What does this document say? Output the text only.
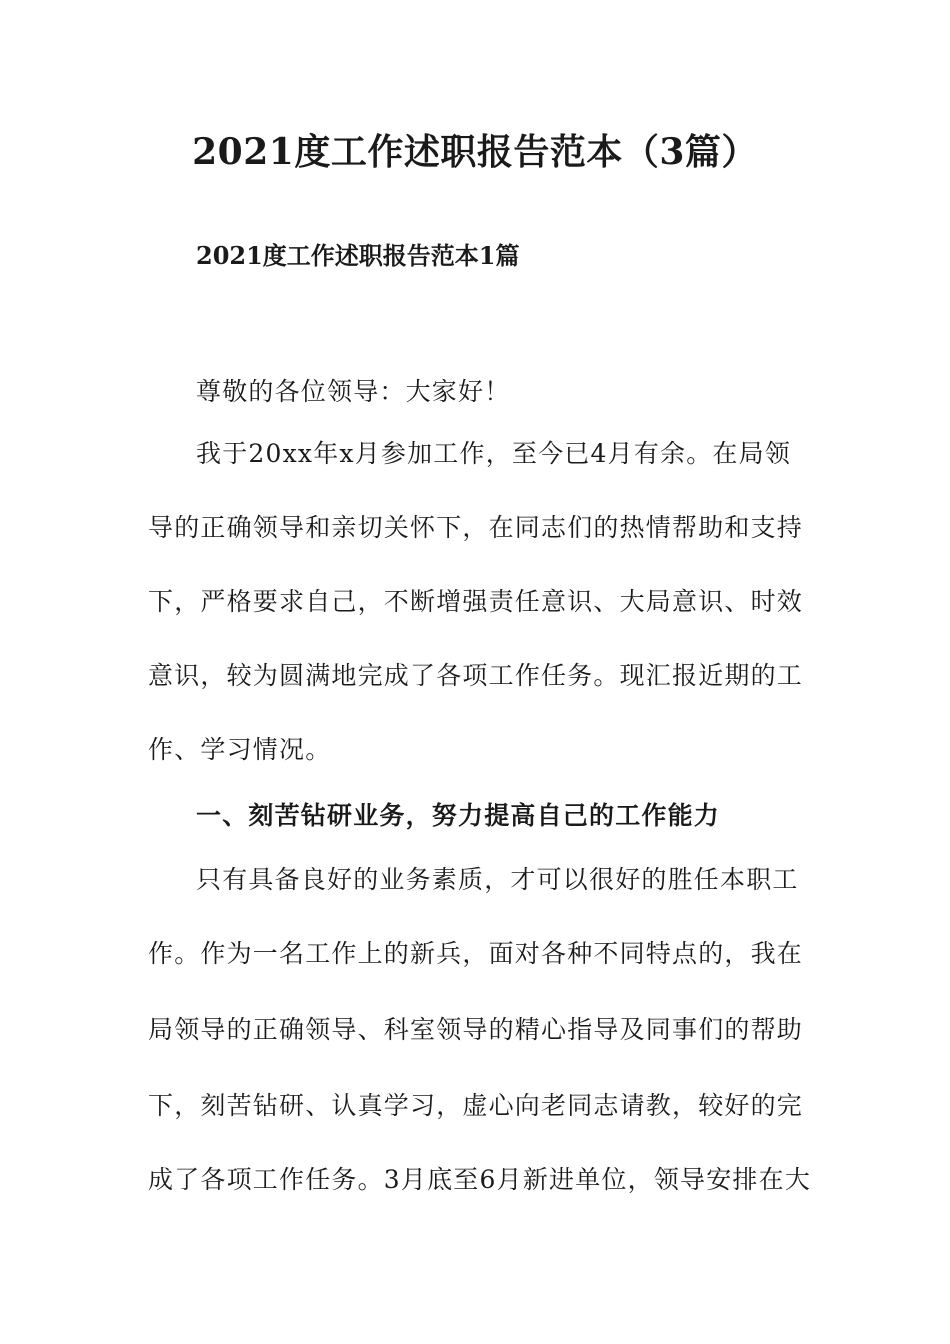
2021度工作述职报告范本（3篇）
2021度工作述职报告范本1篇
尊敬的各位领导：大家好！
我于20xx年x月参加工作，至今已4月有余。在局领
导的正确领导和亲切关怀下，在同志们的热情帮助和支持
下，严格要求自己，不断增强责任意识、大局意识、时效
意识，较为圆满地完成了各项工作任务。现汇报近期的工
作、学习情况。
一、刻苦钻研业务，努力提高自己的工作能力
只有具备良好的业务素质，才可以很好的胜任本职工
作。作为一名工作上的新兵，面对各种不同特点的，我在
局领导的正确领导、科室领导的精心指导及同事们的帮助
下，刻苦钻研、认真学习，虚心向老同志请教，较好的完
成了各项工作任务。3月底至6月新进单位，领导安排在大
